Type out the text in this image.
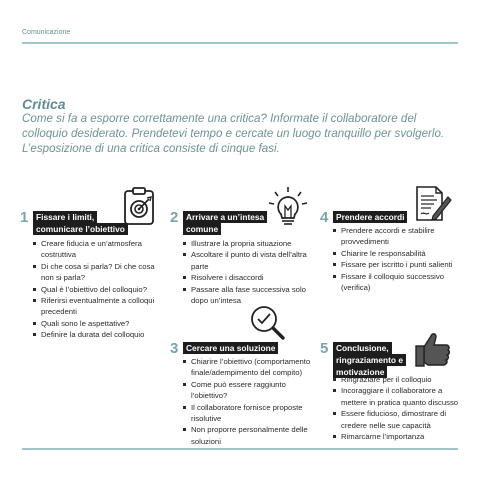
Comunicazione
Critica
Come si fa a esporre correttamente una critica? Informate il collaboratore del colloquio desiderato. Prendetevi tempo e cercate un luogo tranquillo per svolgerlo. L’esposizione di una critica consiste di cinque fasi.
1 Fissare i limiti,
comunicare l’obiettivo
Creare fiducia e un’atmosfera costruttiva
Di che cosa si parla? Di che cosa non si parla?
Qual è l’obiettivo del colloquio?
Riferirsi eventualmente a colloqui precedenti
Quali sono le aspettative?
Definire la durata del colloquio
2 Arrivare a un’intesa
comune
Illustrare la propria situazione
Ascoltare il punto di vista dell’altra parte
Risolvere i disaccordi
Passare alla fase successiva solo dopo un’intesa
3 Cercare una soluzione
Chiarire l’obiettivo (comportamento finale/adempimento del compito)
Come può essere raggiunto l’obiettivo?
Il collaboratore fornisce proposte risolutive
Non proporre personalmente delle soluzioni
4 Prendere accordi
Prendere accordi e stabilire provvedimenti
Chiarire le responsabilità
Fissare per iscritto i punti salienti
Fissare il colloquio successivo (verifica)
5 Conclusione,
ringraziamento e
motivazione
Ringraziare per il colloquio
Incoraggiare il collaboratore a mettere in pratica quanto discusso
Essere fiducioso, dimostrare di credere nelle sue capacità
Rimarcarne l’importanza
